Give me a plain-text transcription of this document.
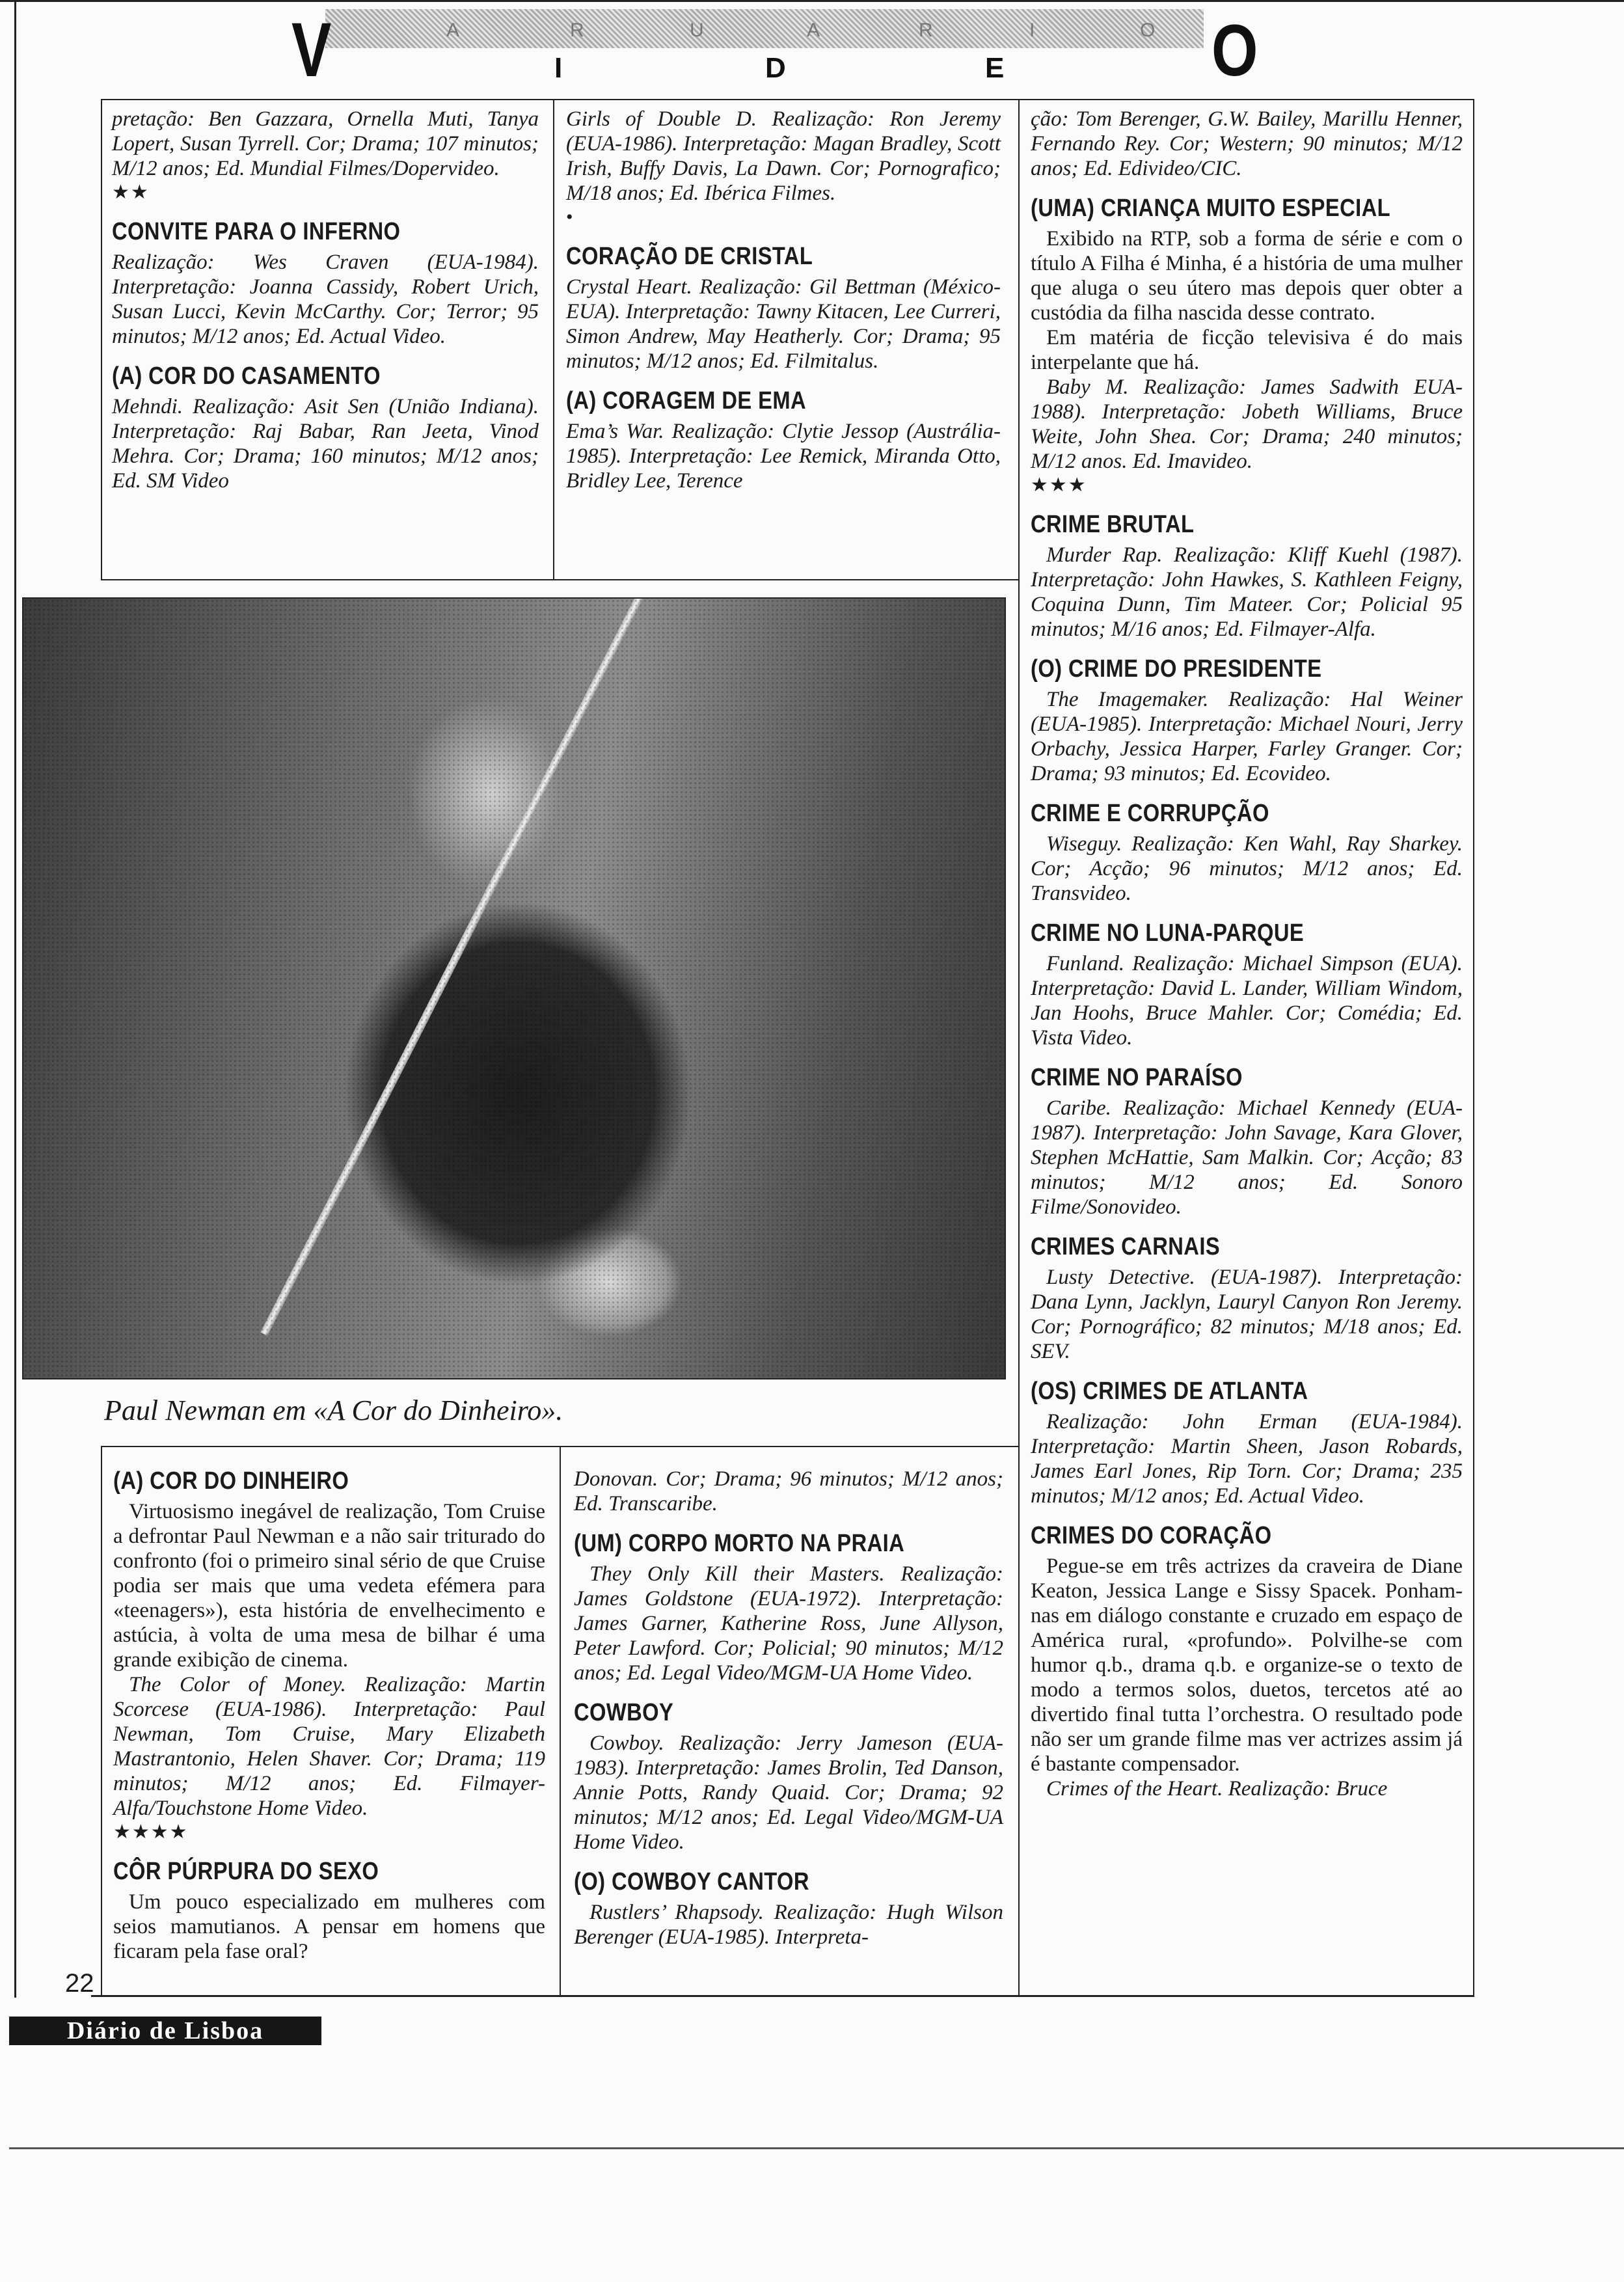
V	I	D	E	O
A	R	U	A	R	I	O

pretação: Ben Gazzara, Ornella Muti, Tanya Lopert, Susan Tyrrell. Cor; Drama; 107 minutos; M/12 anos; Ed. Mundial Filmes/Dopervideo.

★★
CONVITE PARA O INFERNO

Realização: Wes Craven (EUA-1984). Interpretação: Joanna Cassidy, Robert Urich, Susan Lucci, Kevin McCarthy. Cor; Terror; 95 minutos; M/12 anos; Ed. Actual Video.

(A) COR DO CASAMENTO

Mehndi. Realização: Asit Sen (União Indiana). Interpretação: Raj Babar, Ran Jeeta, Vinod Mehra. Cor; Drama; 160 minutos; M/12 anos; Ed. SM Video

Girls of Double D. Realização: Ron Jeremy (EUA-1986). Interpretação: Magan Bradley, Scott Irish, Buffy Davis, La Dawn. Cor; Pornografico; M/18 anos; Ed. Ibérica Filmes.

•
CORAÇÃO DE CRISTAL

Crystal Heart. Realização: Gil Bettman (México-EUA). Interpretação: Tawny Kitacen, Lee Curreri, Simon Andrew, May Heatherly. Cor; Drama; 95 minutos; M/12 anos; Ed. Filmitalus.

(A) CORAGEM DE EMA

Ema’s War. Realização: Clytie Jessop (Austrália-1985). Interpretação: Lee Remick, Miranda Otto, Bridley Lee, Terence

Paul Newman em «A Cor do Dinheiro».

ção: Tom Berenger, G.W. Bailey, Marillu Henner, Fernando Rey. Cor; Western; 90 minutos; M/12 anos; Ed. Edivideo/CIC.

(UMA) CRIANÇA MUITO ESPECIAL

Exibido na RTP, sob a forma de série e com o título A Filha é Minha, é a história de uma mulher que aluga o seu útero mas depois quer obter a custódia da filha nascida desse contrato.

Em matéria de ficção televisiva é do mais interpelante que há.

Baby M. Realização: James Sadwith EUA-1988). Interpretação: Jobeth Williams, Bruce Weite, John Shea. Cor; Drama; 240 minutos; M/12 anos. Ed. Imavideo.

★★★
CRIME BRUTAL

Murder Rap. Realização: Kliff Kuehl (1987). Interpretação: John Hawkes, S. Kathleen Feigny, Coquina Dunn, Tim Mateer. Cor; Policial 95 minutos; M/16 anos; Ed. Filmayer-Alfa.

(O) CRIME DO PRESIDENTE

The Imagemaker. Realização: Hal Weiner (EUA-1985). Interpretação: Michael Nouri, Jerry Orbachy, Jessica Harper, Farley Granger. Cor; Drama; 93 minutos; Ed. Ecovideo.

CRIME E CORRUPÇÃO

Wiseguy. Realização: Ken Wahl, Ray Sharkey. Cor; Acção; 96 minutos; M/12 anos; Ed. Transvideo.

CRIME NO LUNA-PARQUE

Funland. Realização: Michael Simpson (EUA). Interpretação: David L. Lander, William Windom, Jan Hoohs, Bruce Mahler. Cor; Comédia; Ed. Vista Video.

CRIME NO PARAÍSO

Caribe. Realização: Michael Kennedy (EUA-1987). Interpretação: John Savage, Kara Glover, Stephen McHattie, Sam Malkin. Cor; Acção; 83 minutos; M/12 anos; Ed. Sonoro Filme/Sonovideo.

CRIMES CARNAIS

Lusty Detective. (EUA-1987). Interpretação: Dana Lynn, Jacklyn, Lauryl Canyon Ron Jeremy. Cor; Pornográfico; 82 minutos; M/18 anos; Ed. SEV.

(OS) CRIMES DE ATLANTA

Realização: John Erman (EUA-1984). Interpretação: Martin Sheen, Jason Robards, James Earl Jones, Rip Torn. Cor; Drama; 235 minutos; M/12 anos; Ed. Actual Video.

CRIMES DO CORAÇÃO

Pegue-se em três actrizes da craveira de Diane Keaton, Jessica Lange e Sissy Spacek. Ponham-nas em diálogo constante e cruzado em espaço de América rural, «profundo». Polvilhe-se com humor q.b., drama q.b. e organize-se o texto de modo a termos solos, duetos, tercetos até ao divertido final tutta l’orchestra. O resultado pode não ser um grande filme mas ver actrizes assim já é bastante compensador.

Crimes of the Heart. Realização: Bruce

(A) COR DO DINHEIRO

Virtuosismo inegável de realização, Tom Cruise a defrontar Paul Newman e a não sair triturado do confronto (foi o primeiro sinal sério de que Cruise podia ser mais que uma vedeta efémera para «teenagers»), esta história de envelhecimento e astúcia, à volta de uma mesa de bilhar é uma grande exibição de cinema.

The Color of Money. Realização: Martin Scorcese (EUA-1986). Interpretação: Paul Newman, Tom Cruise, Mary Elizabeth Mastrantonio, Helen Shaver. Cor; Drama; 119 minutos; M/12 anos; Ed. Filmayer-Alfa/Touchstone Home Video.

★★★★
CÔR PÚRPURA DO SEXO

Um pouco especializado em mulheres com seios mamutianos. A pensar em homens que ficaram pela fase oral?

Donovan. Cor; Drama; 96 minutos; M/12 anos; Ed. Transcaribe.

(UM) CORPO MORTO NA PRAIA

They Only Kill their Masters. Realização: James Goldstone (EUA-1972). Interpretação: James Garner, Katherine Ross, June Allyson, Peter Lawford. Cor; Policial; 90 minutos; M/12 anos; Ed. Legal Video/MGM-UA Home Video.

COWBOY

Cowboy. Realização: Jerry Jameson (EUA-1983). Interpretação: James Brolin, Ted Danson, Annie Potts, Randy Quaid. Cor; Drama; 92 minutos; M/12 anos; Ed. Legal Video/MGM-UA Home Video.

(O) COWBOY CANTOR

Rustlers’ Rhapsody. Realização: Hugh Wilson Berenger (EUA-1985). Interpreta-

22
Diário de Lisboa
